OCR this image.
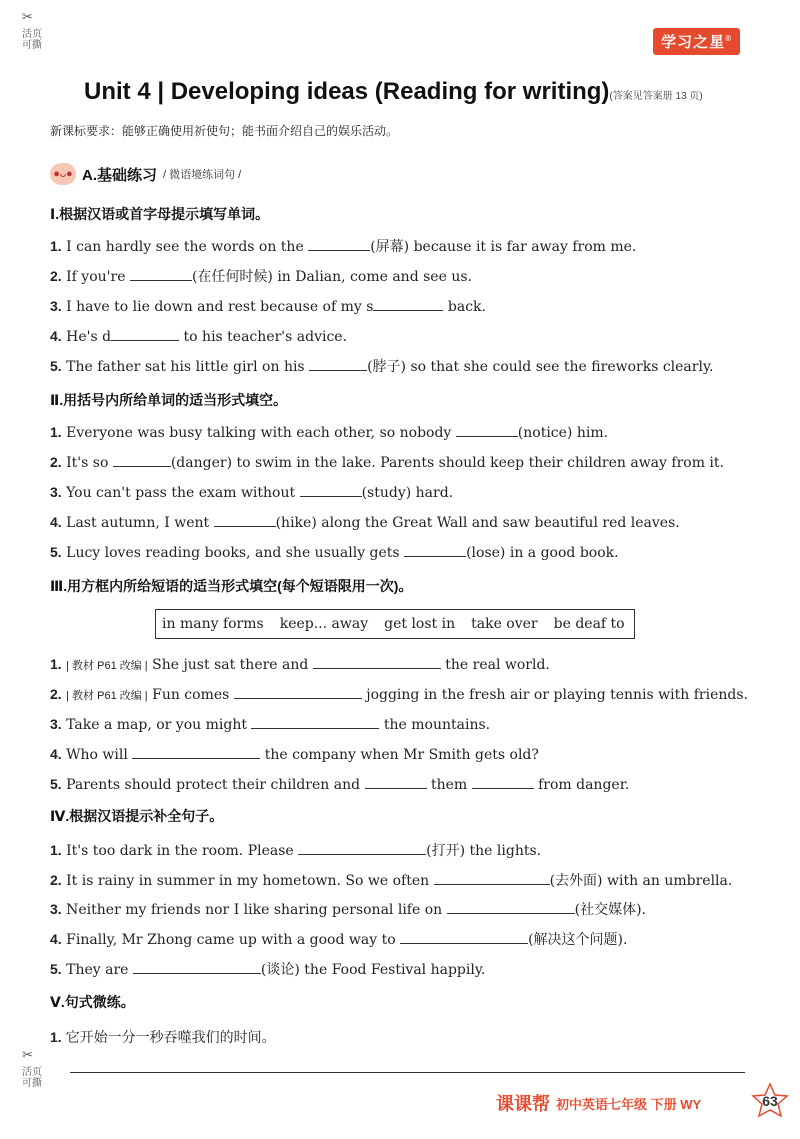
✂
活页可撕
✂
活页可撕
学习之星®
Unit 4 | Developing ideas (Reading for writing)(答案见答案册 13 页)
新课标要求：能够正确使用祈使句；能书面介绍自己的娱乐活动。
●ᴗ● A.基础练习 / 微语境练词句 /
Ⅰ.根据汉语或首字母提示填写单词。
1. I can hardly see the words on the	(屏幕) because it is far away from me.
2. If you're	(在任何时候) in Dalian, come and see us.
3. I have to lie down and rest because of my s	back.
4. He's d	to his teacher's advice.
5. The father sat his little girl on his	(脖子) so that she could see the fireworks clearly.
Ⅱ.用括号内所给单词的适当形式填空。
1. Everyone was busy talking with each other, so nobody	(notice) him.
2. It's so	(danger) to swim in the lake. Parents should keep their children away from it.
3. You can't pass the exam without	(study) hard.
4. Last autumn, I went	(hike) along the Great Wall and saw beautiful red leaves.
5. Lucy loves reading books, and she usually gets	(lose) in a good book.
Ⅲ.用方框内所给短语的适当形式填空(每个短语限用一次)。
in many forms keep... away get lost in take over be deaf to
1. | 教材 P61 改编 | She just sat there and	the real world.
2. | 教材 P61 改编 | Fun comes	jogging in the fresh air or playing tennis with friends.
3. Take a map, or you might	the mountains.
4. Who will	the company when Mr Smith gets old?
5. Parents should protect their children and	them	from danger.
Ⅳ.根据汉语提示补全句子。
1. It's too dark in the room. Please	(打开) the lights.
2. It is rainy in summer in my hometown. So we often	(去外面) with an umbrella.
3. Neither my friends nor I like sharing personal life on	(社交媒体).
4. Finally, Mr Zhong came up with a good way to	(解决这个问题).
5. They are	(谈论) the Food Festival happily.
Ⅴ.句式微练。
1. 它开始一分一秒吞噬我们的时间。
课课帮 初中英语七年级 下册 WY	63
